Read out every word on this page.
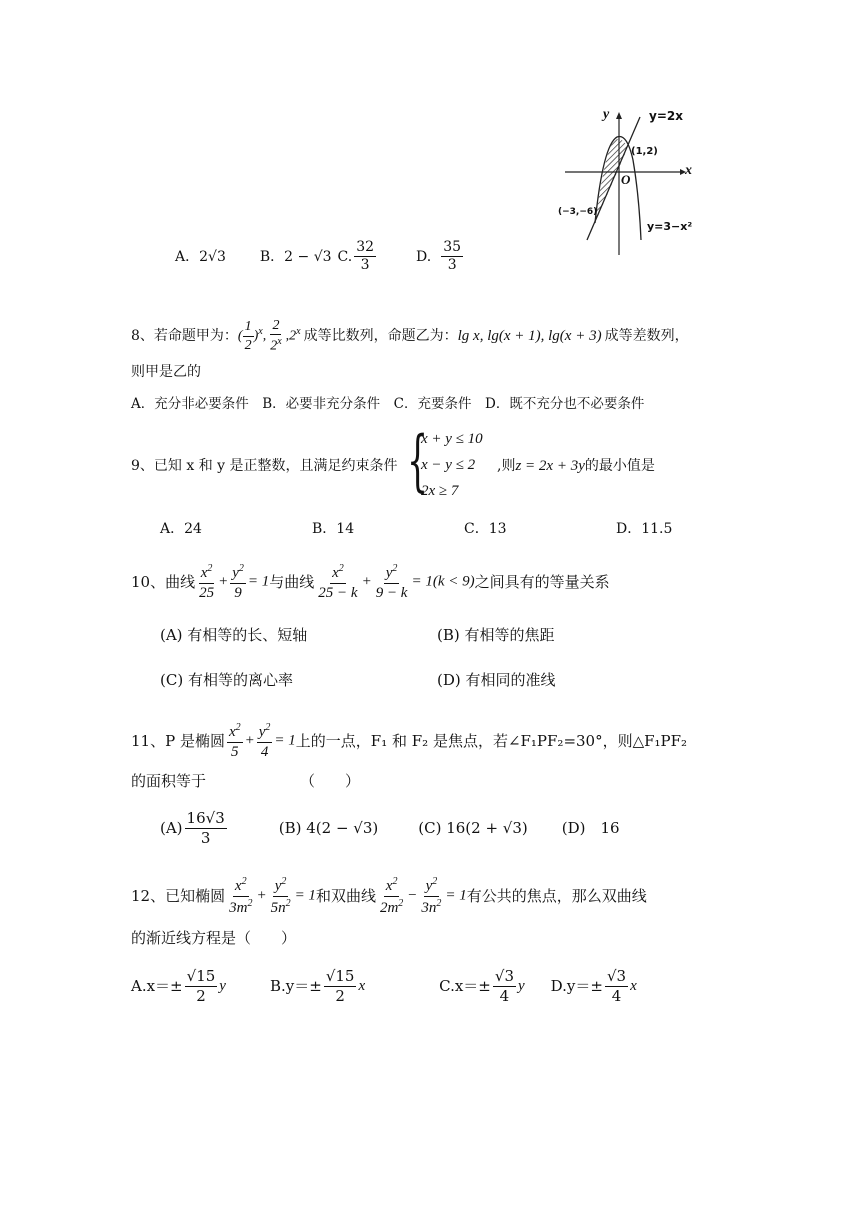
y
x
O
y=2x
y=3−x²
(1,2)
(−3,−6)
A． 2√3 B． 2 − √3 C. $\frac{32}{3}$	D. $\frac{35}{3}$
8、若命题甲为： ( $\frac{1}{2} )^x$, $\frac{2}{2^x} ,2^x$ 成等比数列，命题乙为： lg x, lg(x + 1), lg(x + 3) 成等差数列，
则甲是乙的
A．充分非必要条件　B．必要非充分条件　C．充要条件　D．既不充分也不必要条件
9、已知 x 和 y 是正整数，且满足约束条件 {
x + y ≤ 10
x − y ≤ 2
2x ≥ 7
,则z = 2x + 3y的最小值是
A．24	B．14	C．13	D．11.5
10、曲线 $\frac{x^2}{25} + \frac{y^2}{9} = 1$ 与曲线 $\frac{x^2}{25 - k} + \frac{y^2}{9 - k} = 1(k < 9)$ 之间具有的等量关系
(A) 有相等的长、短轴	(B) 有相等的焦距
(C) 有相等的离心率	(D) 有相同的准线
11、P 是椭圆 $\frac{x^2}{5} + \frac{y^2}{4} = 1$ 上的一点，F₁ 和 F₂ 是焦点，若∠F₁PF₂=30°，则△F₁PF₂
的面积等于	（　　）
$(A) \frac{16√3}{3}$	(B) 4(2 − √3)	(C) 16(2 + √3) (D)　16
12、已知椭圆 $\frac{x^2}{3m^2} + \frac{y^2}{5n^2} = 1$ 和双曲线 $\frac{x^2}{2m^2} - \frac{y^2}{3n^2} = 1$ 有公共的焦点，那么双曲线
的渐近线方程是（　　）
$A.x=\pm \frac{√15}{2}$ y	$B.y=\pm \frac{√15}{2}$ x	$C.x=\pm \frac{√3}{4}$ y $D.y=\pm \frac{√3}{4}$ x
